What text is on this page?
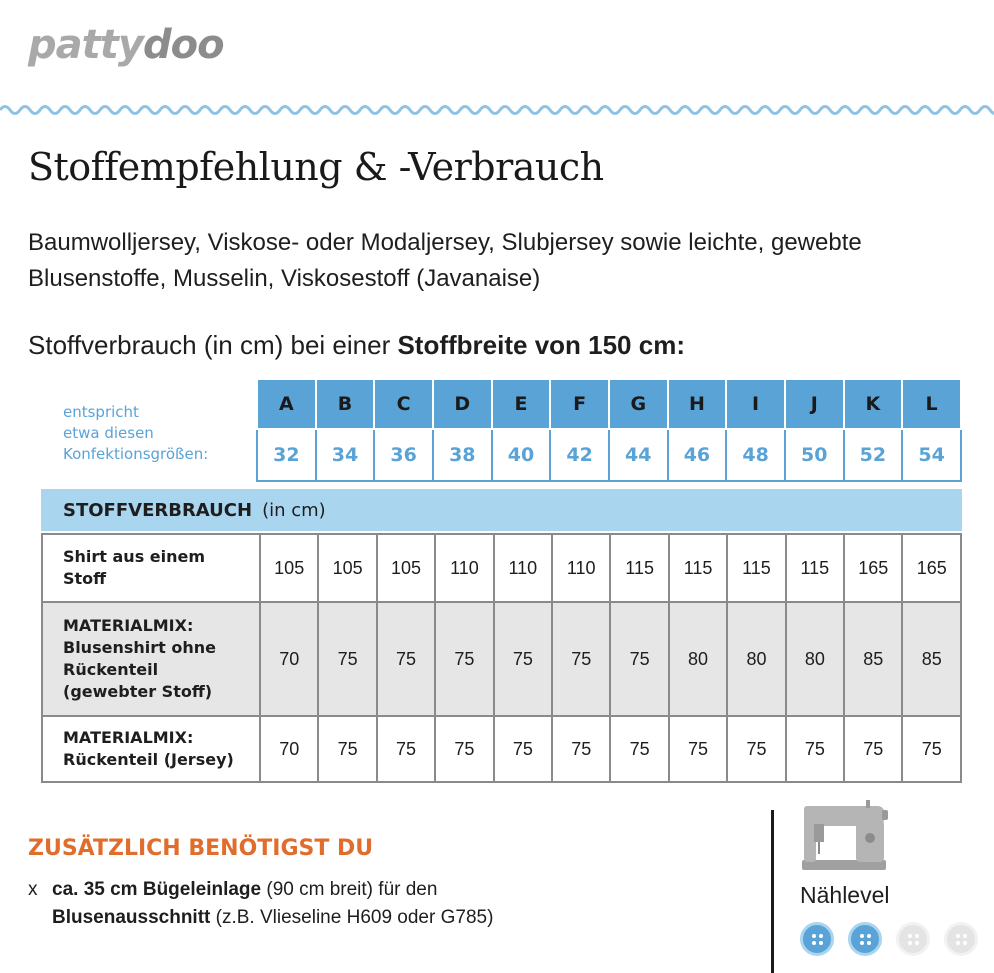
pattydoo
Stoffempfehlung & -Verbrauch

Baumwolljersey, Viskose- oder Modaljersey, Slubjersey sowie leichte, gewebte Blusenstoffe, Musselin, Viskosestoff (Javanaise)

Stoffverbrauch (in cm) bei einer Stoffbreite von 150 cm:

entspricht
etwa diesen
Konfektionsgrößen:
A	B	C	D	E	F	G	H	I	J	K	L
32	34	36	38	40	42	44	46	48	50	52	54
STOFFVERBRAUCH (in cm)
Shirt aus einem
Stoff	105	105	105	110	110	110	115	115	115	115	165	165

MATERIALMIX:
Blusenshirt ohne
Rückenteil
(gewebter Stoff)	70	75	75	75	75	75	75	80	80	80	85	85

MATERIALMIX:
Rückenteil (Jersey)	70	75	75	75	75	75	75	75	75	75	75	75
ZUSÄTZLICH BENÖTIGST DU
x ca. 35 cm Bügeleinlage (90 cm breit) für den
Blusenausschnitt (z.B. Vlieseline H609 oder G785)
Nählevel
